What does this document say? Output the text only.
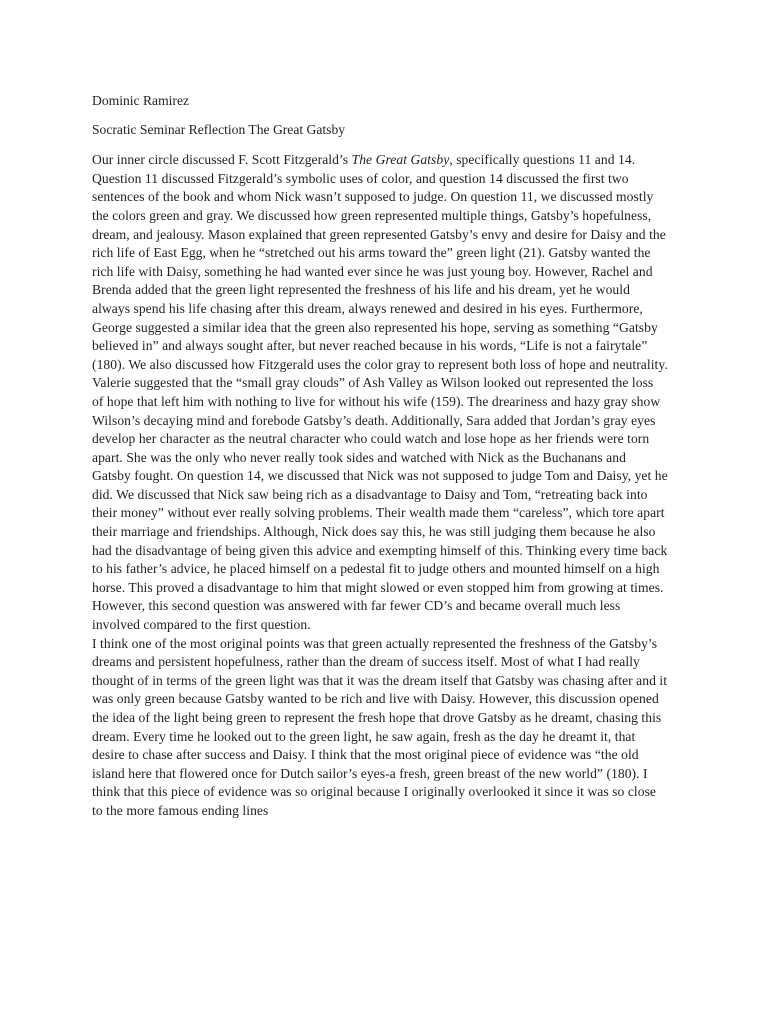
Dominic Ramirez
Socratic Seminar Reflection The Great Gatsby

Our inner circle discussed F. Scott Fitzgerald’s The Great Gatsby, specifically questions 11 and 14. Question 11 discussed Fitzgerald’s symbolic uses of color, and question 14 discussed the first two sentences of the book and whom Nick wasn’t supposed to judge. On question 11, we discussed mostly the colors green and gray. We discussed how green represented multiple things, Gatsby’s hopefulness, dream, and jealousy. Mason explained that green represented Gatsby’s envy and desire for Daisy and the rich life of East Egg, when he “stretched out his arms toward the” green light (21). Gatsby wanted the rich life with Daisy, something he had wanted ever since he was just young boy. However, Rachel and Brenda added that the green light represented the freshness of his life and his dream, yet he would always spend his life chasing after this dream, always renewed and desired in his eyes. Furthermore, George suggested a similar idea that the green also represented his hope, serving as something “Gatsby believed in” and always sought after, but never reached because in his words, “Life is not a fairytale” (180). We also discussed how Fitzgerald uses the color gray to represent both loss of hope and neutrality. Valerie suggested that the “small gray clouds” of Ash Valley as Wilson looked out represented the loss of hope that left him with nothing to live for without his wife (159). The dreariness and hazy gray show Wilson’s decaying mind and forebode Gatsby’s death. Additionally, Sara added that Jordan’s gray eyes develop her character as the neutral character who could watch and lose hope as her friends were torn apart. She was the only who never really took sides and watched with Nick as the Buchanans and Gatsby fought. On question 14, we discussed that Nick was not supposed to judge Tom and Daisy, yet he did. We discussed that Nick saw being rich as a disadvantage to Daisy and Tom, “retreating back into their money” without ever really solving problems. Their wealth made them “careless”, which tore apart their marriage and friendships. Although, Nick does say this, he was still judging them because he also had the disadvantage of being given this advice and exempting himself of this. Thinking every time back to his father’s advice, he placed himself on a pedestal fit to judge others and mounted himself on a high horse. This proved a disadvantage to him that might slowed or even stopped him from growing at times. However, this second question was answered with far fewer CD’s and became overall much less involved compared to the first question.

I think one of the most original points was that green actually represented the freshness of the Gatsby’s dreams and persistent hopefulness, rather than the dream of success itself. Most of what I had really thought of in terms of the green light was that it was the dream itself that Gatsby was chasing after and it was only green because Gatsby wanted to be rich and live with Daisy. However, this discussion opened the idea of the light being green to represent the fresh hope that drove Gatsby as he dreamt, chasing this dream. Every time he looked out to the green light, he saw again, fresh as the day he dreamt it, that desire to chase after success and Daisy. I think that the most original piece of evidence was “the old island here that flowered once for Dutch sailor’s eyes-a fresh, green breast of the new world” (180). I think that this piece of evidence was so original because I originally overlooked it since it was so close to the more famous ending lines
